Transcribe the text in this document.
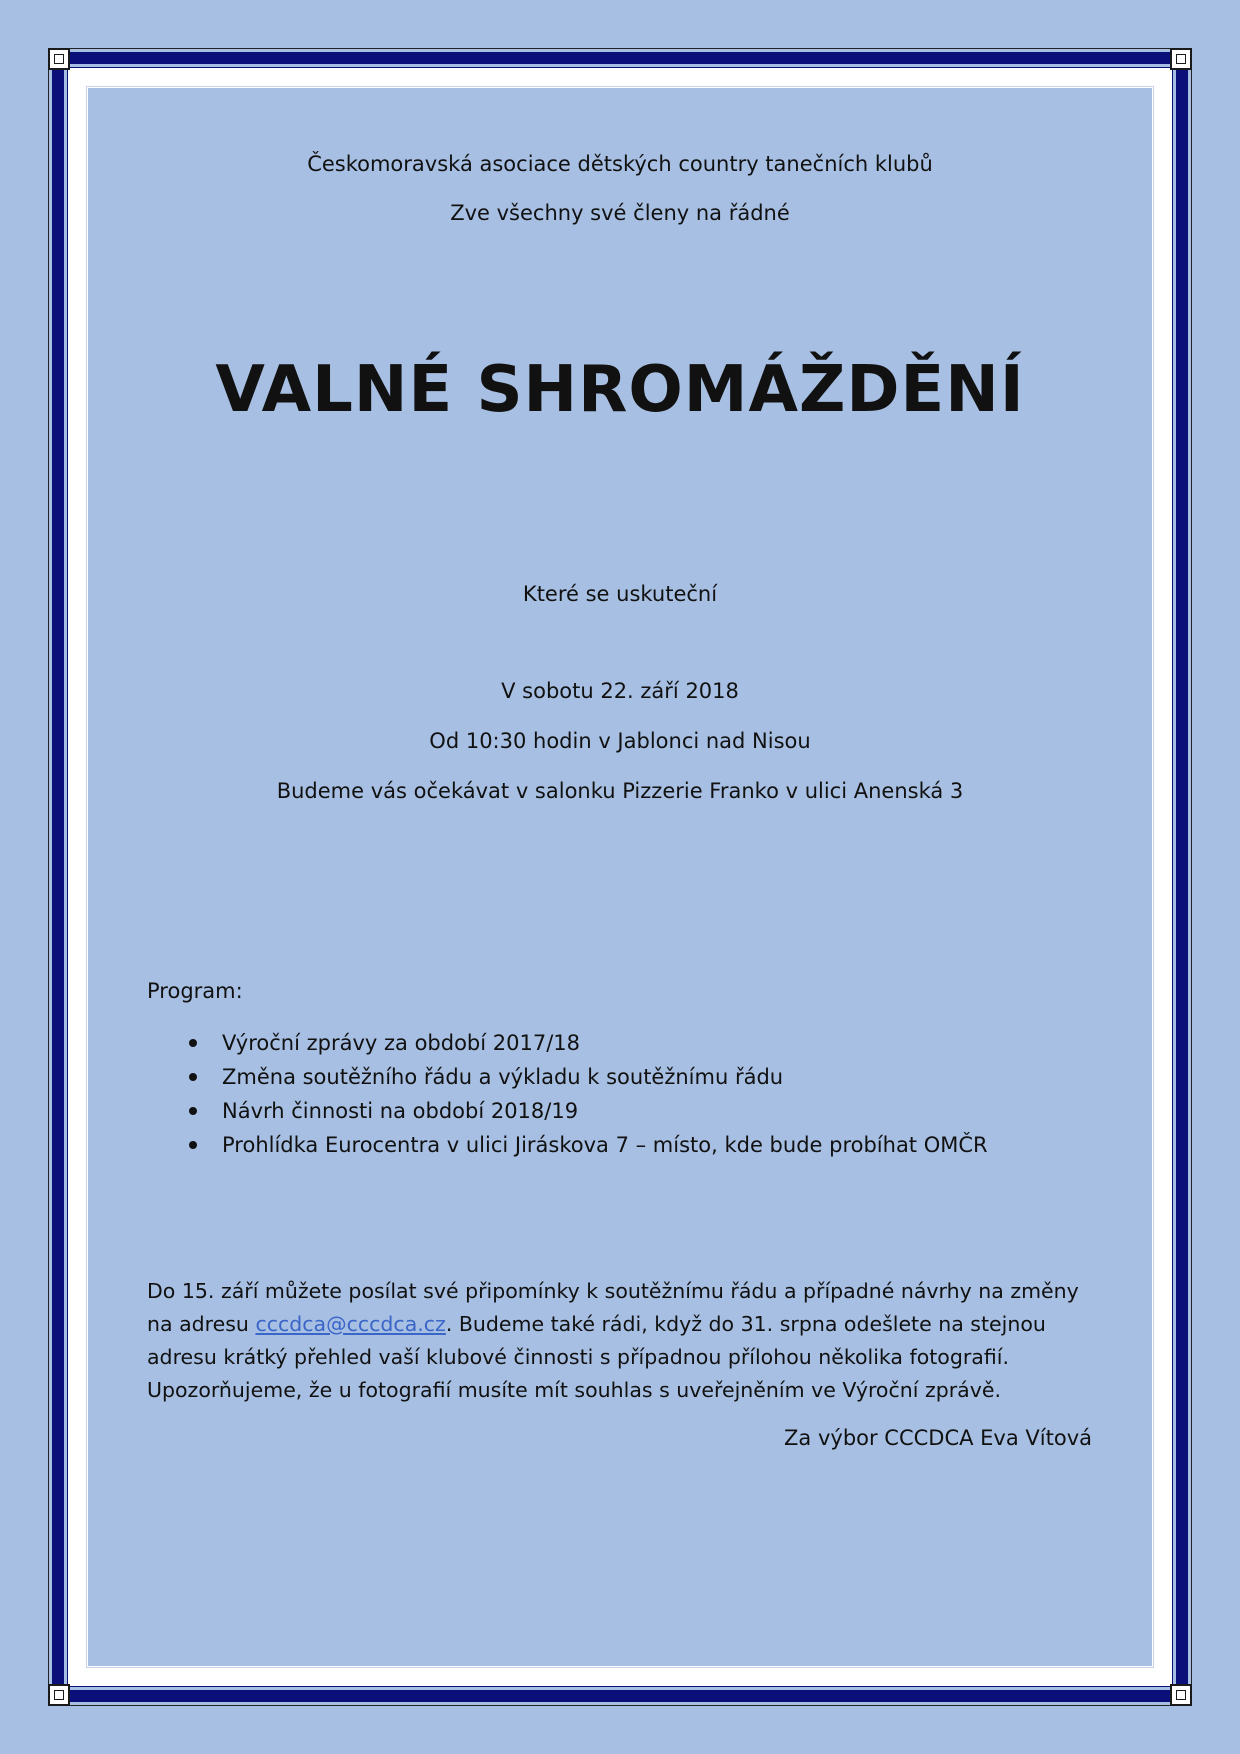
Českomoravská asociace dětských country tanečních klubů
Zve všechny své členy na řádné
VALNÉ SHROMÁŽDĚNÍ
Které se uskuteční
V sobotu 22. září 2018
Od 10:30 hodin v Jablonci nad Nisou
Budeme vás očekávat v salonku Pizzerie Franko v ulici Anenská 3
Program:
Výroční zprávy za období 2017/18
Změna soutěžního řádu a výkladu k soutěžnímu řádu
Návrh činnosti na období 2018/19
Prohlídka Eurocentra v ulici Jiráskova 7 – místo, kde bude probíhat OMČR
Do 15. září můžete posílat své připomínky k soutěžnímu řádu a případné návrhy na změny na adresu cccdca@cccdca.cz. Budeme také rádi, když do 31. srpna odešlete na stejnou adresu krátký přehled vaší klubové činnosti s případnou přílohou několika fotografií. Upozorňujeme, že u fotografií musíte mít souhlas s uveřejněním ve Výroční zprávě.
Za výbor CCCDCA Eva Vítová
